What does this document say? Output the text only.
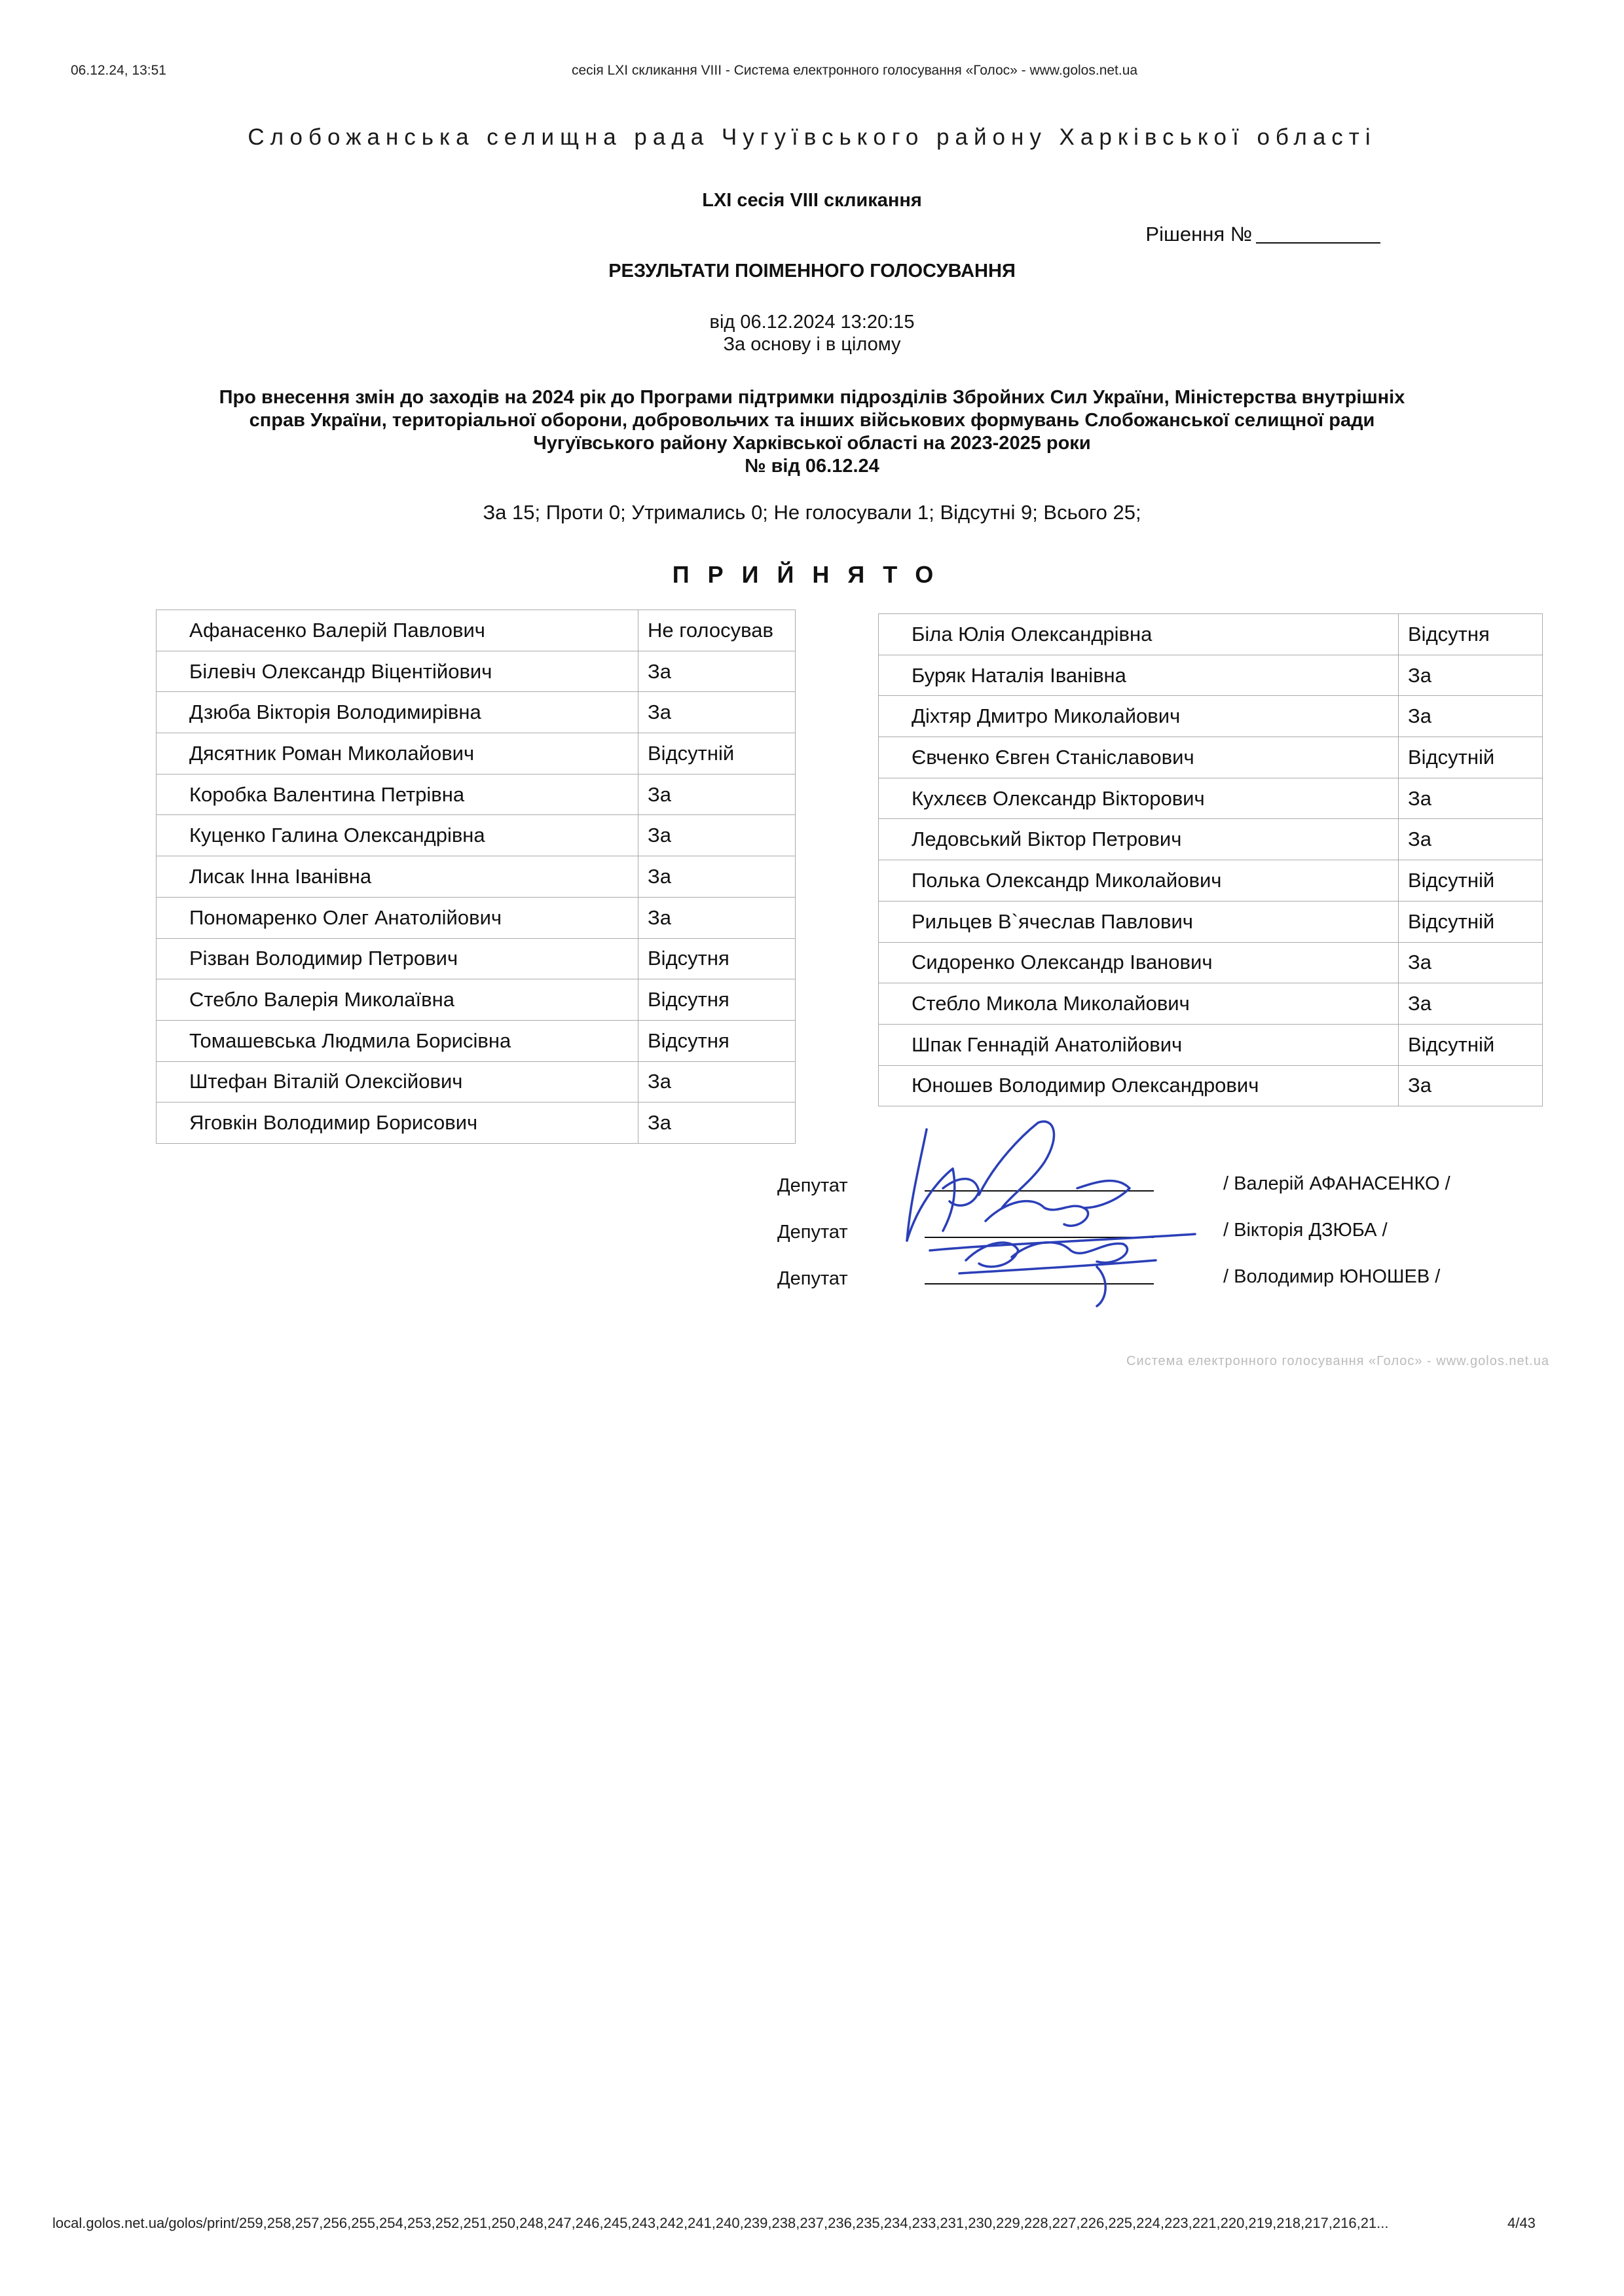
06.12.24, 13:51	сесія LXI скликання VIII - Система електронного голосування «Голос» - www.golos.net.ua
Слобожанська селищна рада Чугуївського району Харківської області
LXI сесія VIII скликання
Рішення №
РЕЗУЛЬТАТИ ПОІМЕННОГО ГОЛОСУВАННЯ
від 06.12.2024 13:20:15
За основу і в цілому
Про внесення змін до заходів на 2024 рік до Програми підтримки підрозділів Збройних Сил України, Міністерства внутрішніх
справ України, територіальної оборони, добровольчих та інших військових формувань Слобожанської селищної ради
Чугуївського району Харківської області на 2023-2025 роки
№ від 06.12.24
За 15; Проти 0; Утримались 0; Не голосували 1; Відсутні 9; Всього 25;
ПРИЙНЯТО
Афанасенко Валерій Павлович	Не голосував
Білевіч Олександр Віцентійович	За
Дзюба Вікторія Володимирівна	За
Дясятник Роман Миколайович	Відсутній
Коробка Валентина Петрівна	За
Куценко Галина Олександрівна	За
Лисак Інна Іванівна	За
Пономаренко Олег Анатолійович	За
Різван Володимир Петрович	Відсутня
Стебло Валерія Миколаївна	Відсутня
Томашевська Людмила Борисівна	Відсутня
Штефан Віталій Олексійович	За
Яговкін Володимир Борисович	За
Біла Юлія Олександрівна	Відсутня
Буряк Наталія Іванівна	За
Діхтяр Дмитро Миколайович	За
Євченко Євген Станіславович	Відсутній
Кухлєєв Олександр Вікторович	За
Ледовський Віктор Петрович	За
Полька Олександр Миколайович	Відсутній
Рильцев В`ячеслав Павлович	Відсутній
Сидоренко Олександр Іванович	За
Стебло Микола Миколайович	За
Шпак Геннадій Анатолійович	Відсутній
Юношев Володимир Олександрович	За
Депутат	/ Валерій АФАНАСЕНКО /
Депутат	/ Вікторія ДЗЮБА /
Депутат	/ Володимир ЮНОШЕВ /
Система електронного голосування «Голос» - www.golos.net.ua
local.golos.net.ua/golos/print/259,258,257,256,255,254,253,252,251,250,248,247,246,245,243,242,241,240,239,238,237,236,235,234,233,231,230,229,228,227,226,225,224,223,221,220,219,218,217,216,21...	4/43
